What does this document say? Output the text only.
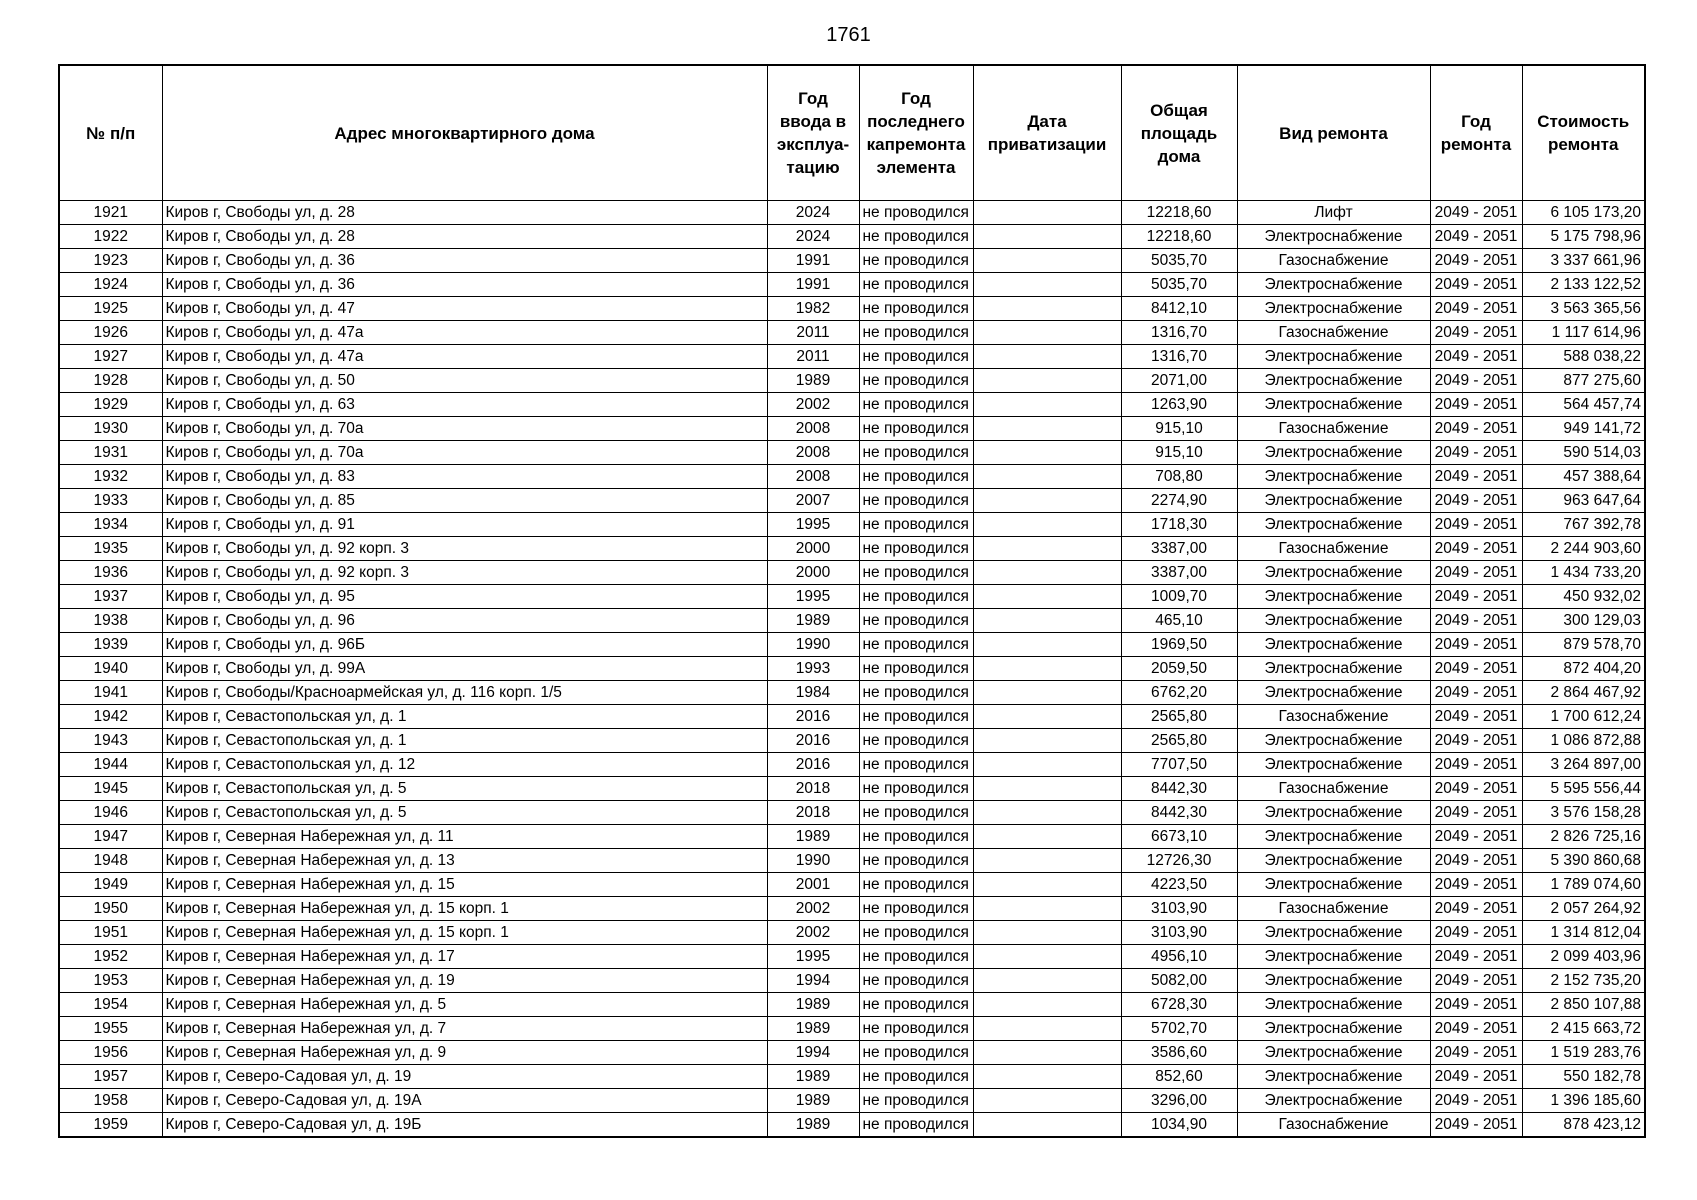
1761
№ п/п	Адрес многоквартирного дома	Год ввода в эксплуа-тацию	Год последнего капремонта элемента	Дата приватизации	Общая площадь дома	Вид ремонта	Год ремонта	Стоимость ремонта
1921	Киров г, Свободы ул, д. 28	2024	не проводился		12218,60	Лифт	2049 - 2051	6 105 173,20
1922	Киров г, Свободы ул, д. 28	2024	не проводился		12218,60	Электроснабжение	2049 - 2051	5 175 798,96
1923	Киров г, Свободы ул, д. 36	1991	не проводился		5035,70	Газоснабжение	2049 - 2051	3 337 661,96
1924	Киров г, Свободы ул, д. 36	1991	не проводился		5035,70	Электроснабжение	2049 - 2051	2 133 122,52
1925	Киров г, Свободы ул, д. 47	1982	не проводился		8412,10	Электроснабжение	2049 - 2051	3 563 365,56
1926	Киров г, Свободы ул, д. 47а	2011	не проводился		1316,70	Газоснабжение	2049 - 2051	1 117 614,96
1927	Киров г, Свободы ул, д. 47а	2011	не проводился		1316,70	Электроснабжение	2049 - 2051	588 038,22
1928	Киров г, Свободы ул, д. 50	1989	не проводился		2071,00	Электроснабжение	2049 - 2051	877 275,60
1929	Киров г, Свободы ул, д. 63	2002	не проводился		1263,90	Электроснабжение	2049 - 2051	564 457,74
1930	Киров г, Свободы ул, д. 70а	2008	не проводился		915,10	Газоснабжение	2049 - 2051	949 141,72
1931	Киров г, Свободы ул, д. 70а	2008	не проводился		915,10	Электроснабжение	2049 - 2051	590 514,03
1932	Киров г, Свободы ул, д. 83	2008	не проводился		708,80	Электроснабжение	2049 - 2051	457 388,64
1933	Киров г, Свободы ул, д. 85	2007	не проводился		2274,90	Электроснабжение	2049 - 2051	963 647,64
1934	Киров г, Свободы ул, д. 91	1995	не проводился		1718,30	Электроснабжение	2049 - 2051	767 392,78
1935	Киров г, Свободы ул, д. 92 корп. 3	2000	не проводился		3387,00	Газоснабжение	2049 - 2051	2 244 903,60
1936	Киров г, Свободы ул, д. 92 корп. 3	2000	не проводился		3387,00	Электроснабжение	2049 - 2051	1 434 733,20
1937	Киров г, Свободы ул, д. 95	1995	не проводился		1009,70	Электроснабжение	2049 - 2051	450 932,02
1938	Киров г, Свободы ул, д. 96	1989	не проводился		465,10	Электроснабжение	2049 - 2051	300 129,03
1939	Киров г, Свободы ул, д. 96Б	1990	не проводился		1969,50	Электроснабжение	2049 - 2051	879 578,70
1940	Киров г, Свободы ул, д. 99А	1993	не проводился		2059,50	Электроснабжение	2049 - 2051	872 404,20
1941	Киров г, Свободы/Красноармейская ул, д. 116 корп. 1/5	1984	не проводился		6762,20	Электроснабжение	2049 - 2051	2 864 467,92
1942	Киров г, Севастопольская ул, д. 1	2016	не проводился		2565,80	Газоснабжение	2049 - 2051	1 700 612,24
1943	Киров г, Севастопольская ул, д. 1	2016	не проводился		2565,80	Электроснабжение	2049 - 2051	1 086 872,88
1944	Киров г, Севастопольская ул, д. 12	2016	не проводился		7707,50	Электроснабжение	2049 - 2051	3 264 897,00
1945	Киров г, Севастопольская ул, д. 5	2018	не проводился		8442,30	Газоснабжение	2049 - 2051	5 595 556,44
1946	Киров г, Севастопольская ул, д. 5	2018	не проводился		8442,30	Электроснабжение	2049 - 2051	3 576 158,28
1947	Киров г, Северная Набережная ул, д. 11	1989	не проводился		6673,10	Электроснабжение	2049 - 2051	2 826 725,16
1948	Киров г, Северная Набережная ул, д. 13	1990	не проводился		12726,30	Электроснабжение	2049 - 2051	5 390 860,68
1949	Киров г, Северная Набережная ул, д. 15	2001	не проводился		4223,50	Электроснабжение	2049 - 2051	1 789 074,60
1950	Киров г, Северная Набережная ул, д. 15 корп. 1	2002	не проводился		3103,90	Газоснабжение	2049 - 2051	2 057 264,92
1951	Киров г, Северная Набережная ул, д. 15 корп. 1	2002	не проводился		3103,90	Электроснабжение	2049 - 2051	1 314 812,04
1952	Киров г, Северная Набережная ул, д. 17	1995	не проводился		4956,10	Электроснабжение	2049 - 2051	2 099 403,96
1953	Киров г, Северная Набережная ул, д. 19	1994	не проводился		5082,00	Электроснабжение	2049 - 2051	2 152 735,20
1954	Киров г, Северная Набережная ул, д. 5	1989	не проводился		6728,30	Электроснабжение	2049 - 2051	2 850 107,88
1955	Киров г, Северная Набережная ул, д. 7	1989	не проводился		5702,70	Электроснабжение	2049 - 2051	2 415 663,72
1956	Киров г, Северная Набережная ул, д. 9	1994	не проводился		3586,60	Электроснабжение	2049 - 2051	1 519 283,76
1957	Киров г, Северо-Садовая ул, д. 19	1989	не проводился		852,60	Электроснабжение	2049 - 2051	550 182,78
1958	Киров г, Северо-Садовая ул, д. 19А	1989	не проводился		3296,00	Электроснабжение	2049 - 2051	1 396 185,60
1959	Киров г, Северо-Садовая ул, д. 19Б	1989	не проводился		1034,90	Газоснабжение	2049 - 2051	878 423,12
